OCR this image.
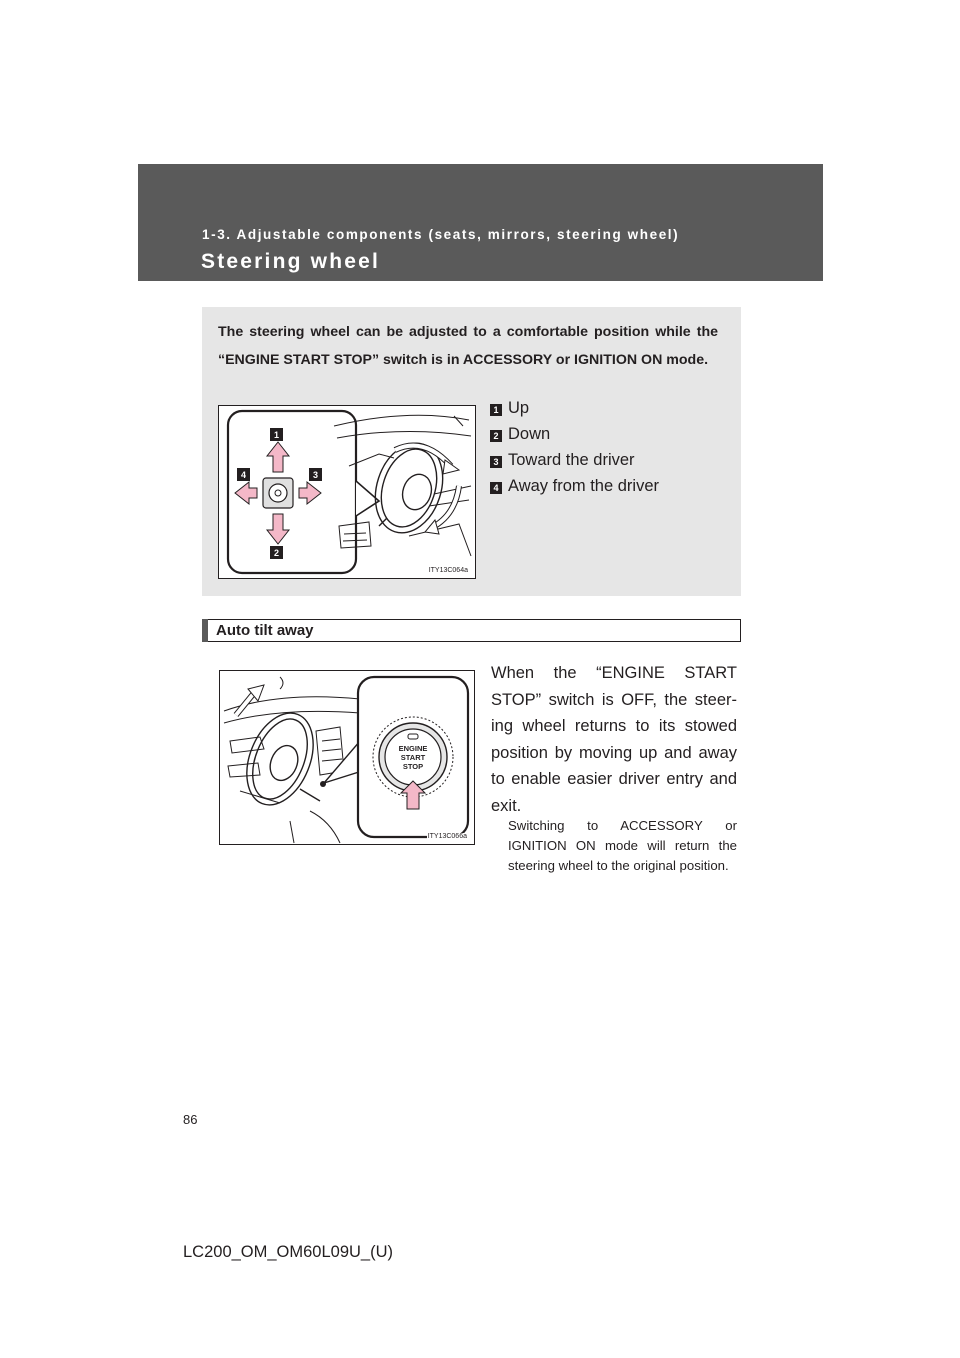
1-3. Adjustable components (seats, mirrors, steering wheel)
Steering wheel
The steering wheel can be adjusted to a comfortable position while the “ENGINE START STOP” switch is in ACCESSORY or IGNITION ON mode.
1
2
3
4
ITY13C064a
1 Up
2 Down
3 Toward the driver
4 Away from the driver
Auto tilt away
ENGINE
START
STOP
ITY13C066a
When the “ENGINE START STOP” switch is OFF, the steer-ing wheel returns to its stowed position by moving up and away to enable easier driver entry and exit.
Switching to ACCESSORY or IGNITION ON mode will return the steering wheel to the original position.
86
LC200_OM_OM60L09U_(U)
